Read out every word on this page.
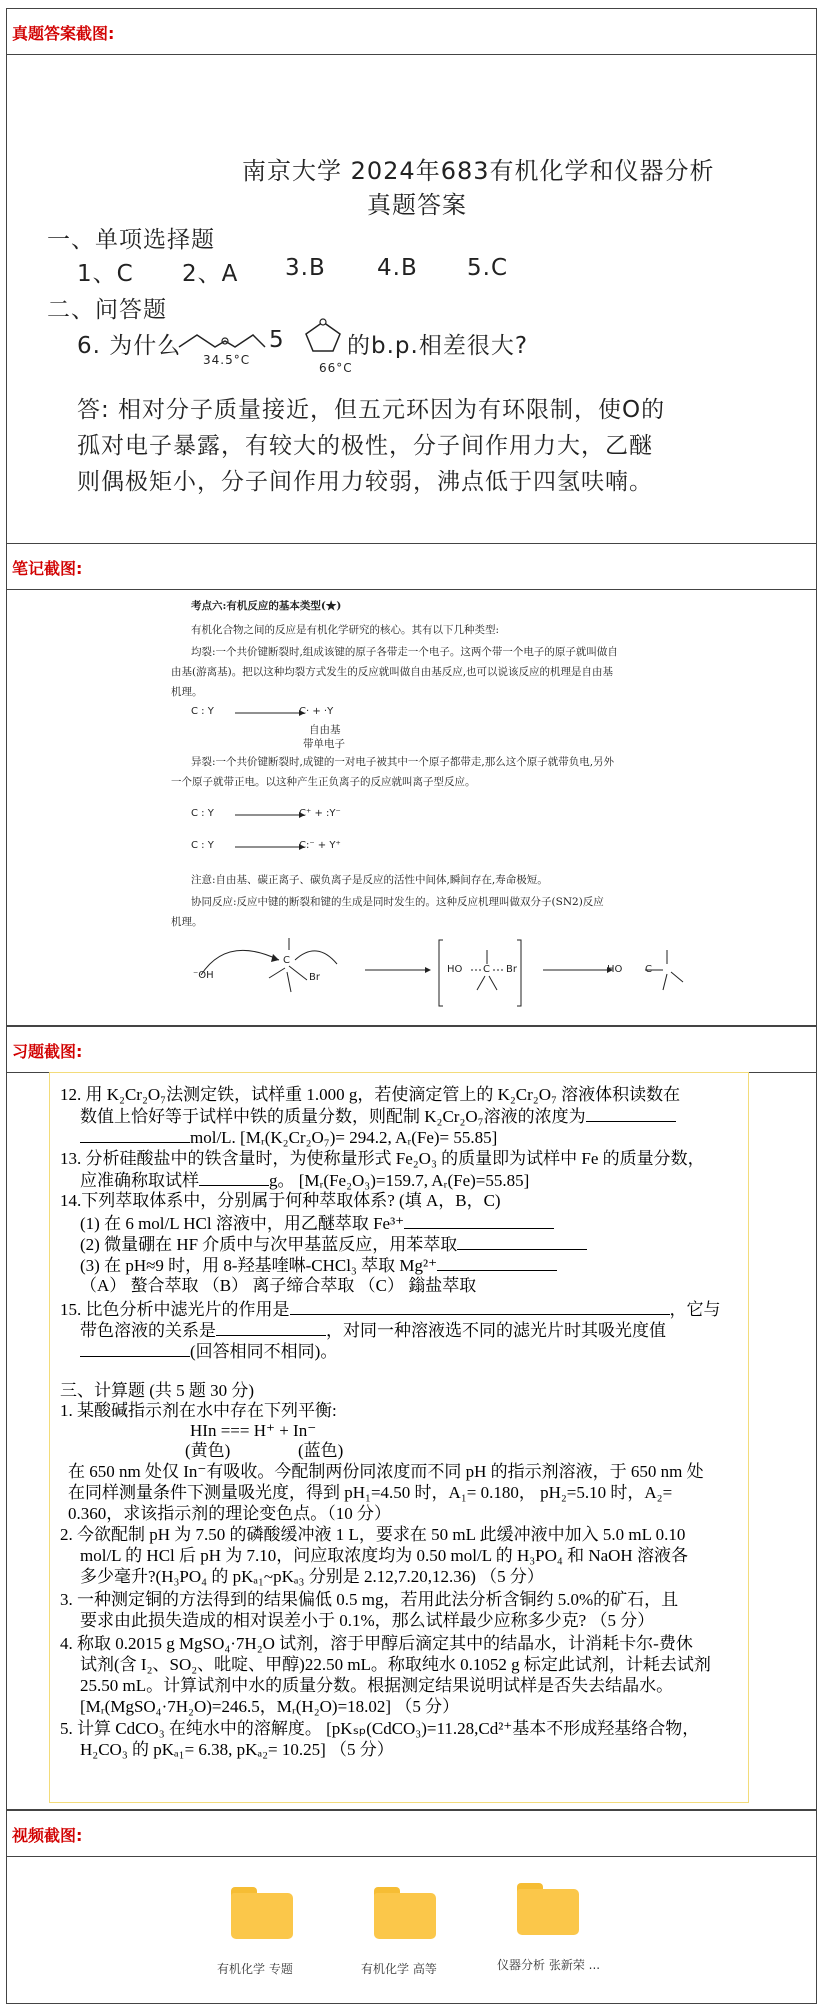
真题答案截图:
南京大学 2024年683有机化学和仪器分析
真题答案
一、单项选择题
1、C 2、A 3.B 4.B 5.C
二、问答题
6. 为什么
34.5°C
5
66°C
的b.p.相差很大?
答: 相对分子质量接近，但五元环因为有环限制，使O的
孤对电子暴露，有较大的极性，分子间作用力大，乙醚
则偶极矩小，分子间作用力较弱，沸点低于四氢呋喃。
笔记截图:
考点六:有机反应的基本类型(★)
有机化合物之间的反应是有机化学研究的核心。其有以下几种类型:
均裂:一个共价键断裂时,组成该键的原子各带走一个电子。这两个带一个电子的原子就叫做自
由基(游离基)。把以这种均裂方式发生的反应就叫做自由基反应,也可以说该反应的机理是自由基
机理。
C : Y	C· + ·Y
自由基
带单电子
异裂:一个共价键断裂时,成键的一对电子被其中一个原子都带走,那么这个原子就带负电,另外
一个原子就带正电。以这种产生正负离子的反应就叫离子型反应。
C : Y	C⁺ + :Y⁻
C : Y	C:⁻ + Y⁺
注意:自由基、碳正离子、碳负离子是反应的活性中间体,瞬间存在,寿命极短。
协同反应:反应中键的断裂和键的生成是同时发生的。这种反应机理叫做双分子(SN2)反应
机理。
⁻OH
C
Br
HO C Br	HO C
习题截图:
12. 用 K₂Cr₂O₇法测定铁，试样重 1.000 g，若使滴定管上的 K₂Cr₂O₇ 溶液体积读数在
数值上恰好等于试样中铁的质量分数，则配制 K₂Cr₂O₇溶液的浓度为
mol/L. [Mᵣ(K₂Cr₂O₇)= 294.2, Aᵣ(Fe)= 55.85]
13. 分析硅酸盐中的铁含量时，为使称量形式 Fe₂O₃ 的质量即为试样中 Fe 的质量分数，
应准确称取试样	g。 [Mᵣ(Fe₂O₃)=159.7, Aᵣ(Fe)=55.85]
14.下列萃取体系中，分别属于何种萃取体系? (填 A，B，C)
(1) 在 6 mol/L HCl 溶液中，用乙醚萃取 Fe³⁺
(2) 微量硼在 HF 介质中与次甲基蓝反应，用苯萃取
(3) 在 pH≈9 时，用 8-羟基喹啉-CHCl₃ 萃取 Mg²⁺
（A） 螯合萃取 （B） 离子缔合萃取 （C） 鎓盐萃取
15. 比色分析中滤光片的作用是	，它与
带色溶液的关系是	，对同一种溶液选不同的滤光片时其吸光度值
(回答相同不相同)。
三、计算题 (共 5 题 30 分)
1. 某酸碱指示剂在水中存在下列平衡:
HIn === H⁺ + In⁻
(黄色)	(蓝色)
在 650 nm 处仅 In⁻有吸收。今配制两份同浓度而不同 pH 的指示剂溶液，于 650 nm 处
在同样测量条件下测量吸光度，得到 pH₁=4.50 时，A₁= 0.180， pH₂=5.10 时，A₂=
0.360，求该指示剂的理论变色点。（10 分）
2. 今欲配制 pH 为 7.50 的磷酸缓冲液 1 L，要求在 50 mL 此缓冲液中加入 5.0 mL 0.10
mol/L 的 HCl 后 pH 为 7.10，问应取浓度均为 0.50 mol/L 的 H₃PO₄ 和 NaOH 溶液各
多少毫升?(H₃PO₄ 的 pKₐ₁~pKₐ₃ 分别是 2.12,7.20,12.36) （5 分）
3. 一种测定铜的方法得到的结果偏低 0.5 mg，若用此法分析含铜约 5.0%的矿石，且
要求由此损失造成的相对误差小于 0.1%，那么试样最少应称多少克? （5 分）
4. 称取 0.2015 g MgSO₄·7H₂O 试剂，溶于甲醇后滴定其中的结晶水，计消耗卡尔-费休
试剂(含 I₂、SO₂、吡啶、甲醇)22.50 mL。称取纯水 0.1052 g 标定此试剂，计耗去试剂
25.50 mL。计算试剂中水的质量分数。根据测定结果说明试样是否失去结晶水。
[Mᵣ(MgSO₄·7H₂O)=246.5，Mᵣ(H₂O)=18.02] （5 分）
5. 计算 CdCO₃ 在纯水中的溶解度。 [pKₛₚ(CdCO₃)=11.28,Cd²⁺基本不形成羟基络合物，
H₂CO₃ 的 pKₐ₁= 6.38, pKₐ₂= 10.25] （5 分）
视频截图:
有机化学 专题	有机化学 高等	仪器分析 张新荣 ...
